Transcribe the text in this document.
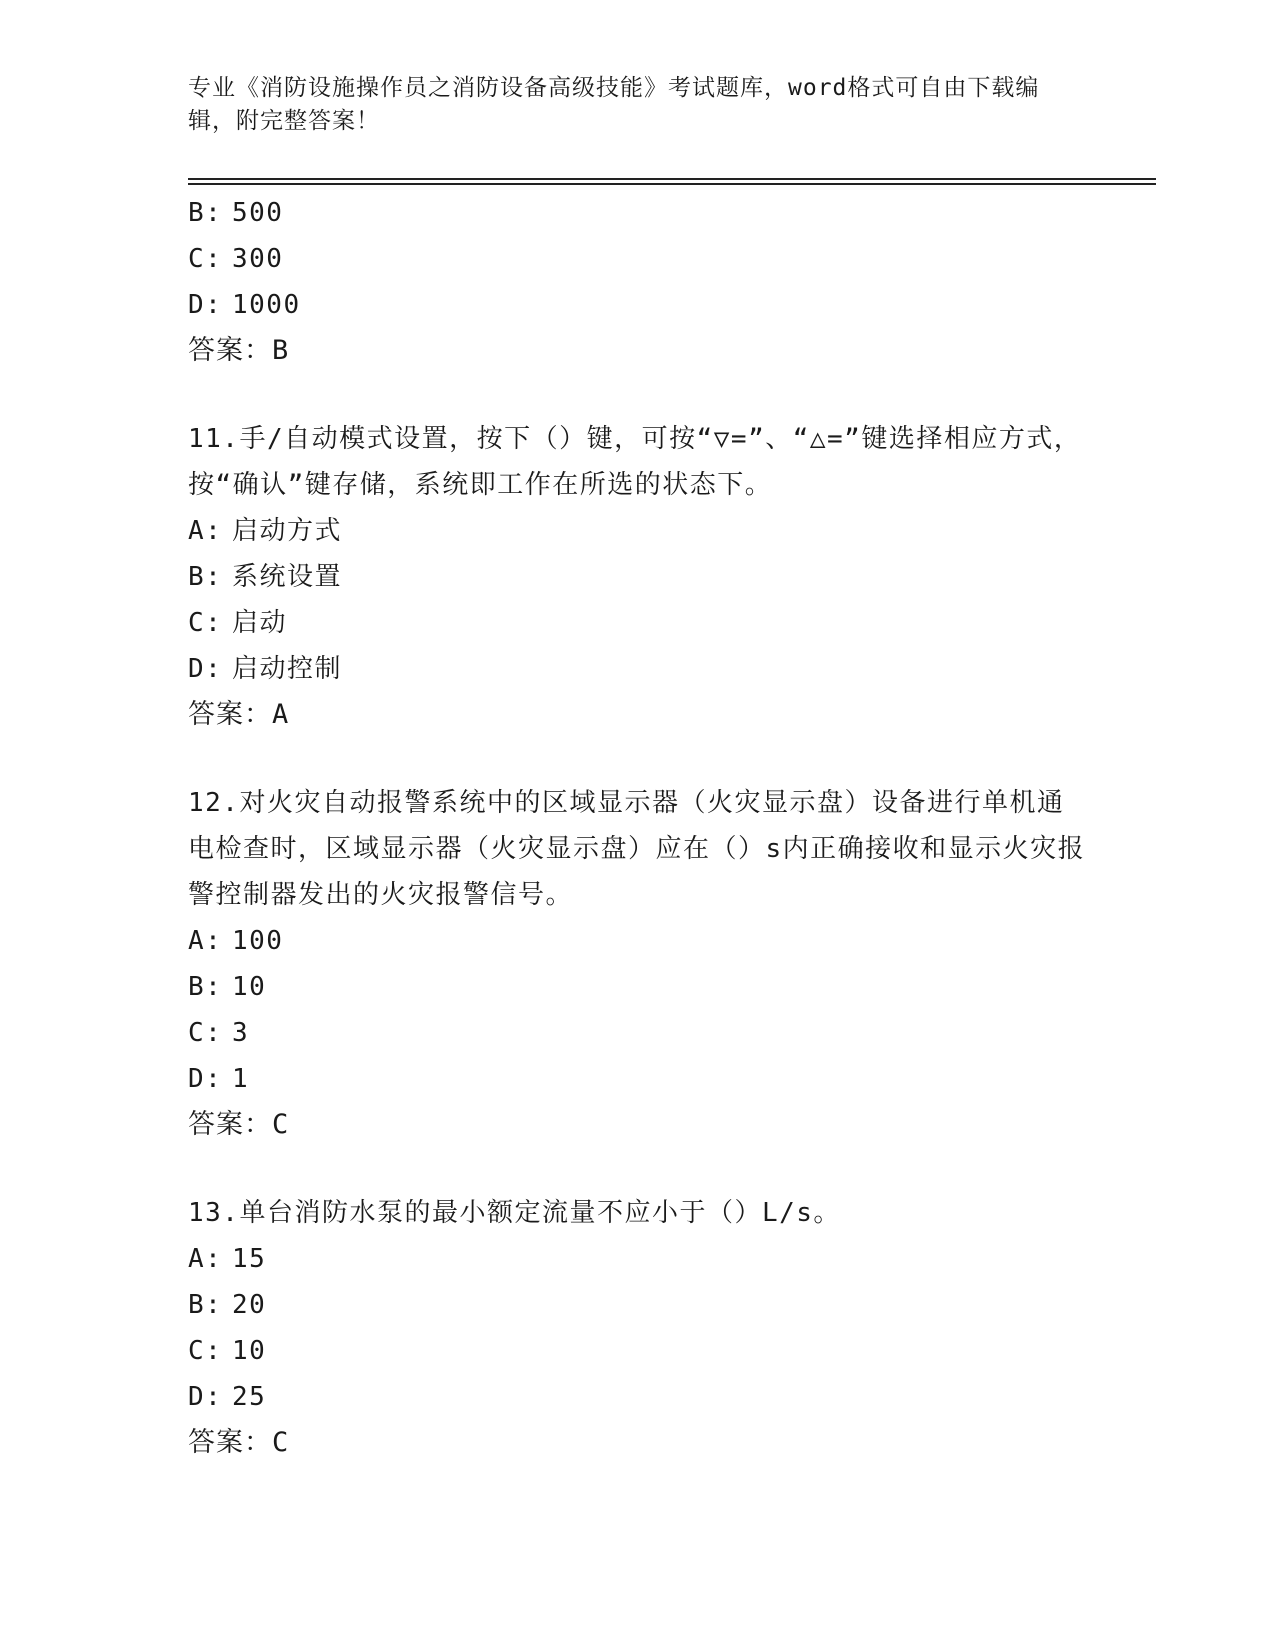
专业《消防设施操作员之消防设备高级技能》考试题库，word格式可自由下载编辑，附完整答案！
B: 500
C: 300
D: 1000
答案：B
11.手/自动模式设置，按下（）键，可按“▽=”、“△=”键选择相应方式，按“确认”键存储，系统即工作在所选的状态下。
A: 启动方式
B: 系统设置
C: 启动
D: 启动控制
答案：A
12.对火灾自动报警系统中的区域显示器（火灾显示盘）设备进行单机通电检查时，区域显示器（火灾显示盘）应在（）s内正确接收和显示火灾报警控制器发出的火灾报警信号。
A: 100
B: 10
C: 3
D: 1
答案：C
13.单台消防水泵的最小额定流量不应小于（）L/s。
A: 15
B: 20
C: 10
D: 25
答案：C
